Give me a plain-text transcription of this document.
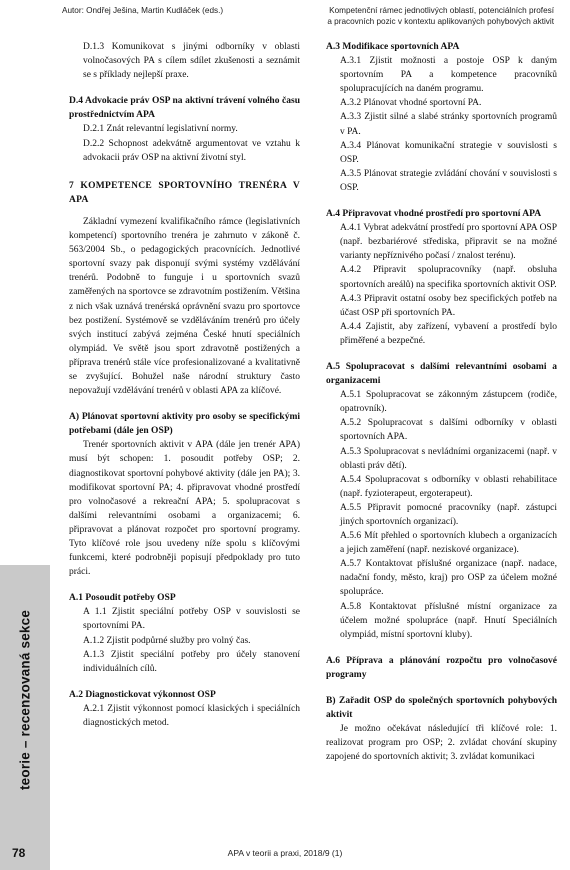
Autor: Ondřej Ješina, Martin Kudláček (eds.)	Kompetenční rámec jednotlivých oblastí, potenciálních profesí
a pracovních pozic v kontextu aplikovaných pohybových aktivit
teorie – recenzovaná sekce

D.1.3 Komunikovat s jinými odborníky v oblasti volnočasových PA s cílem sdílet zkušenosti a seznámit se s příklady nejlepší praxe.

D.4 Advokacie práv OSP na aktivní trávení volného času prostřednictvím APA

D.2.1 Znát relevantní legislativní normy.

D.2.2 Schopnost adekvátně argumentovat ve vztahu k advokacii práv OSP na aktivní životní styl.

7 KOMPETENCE SPORTOVNÍHO TRENÉRA V APA

Základní vymezení kvalifikačního rámce (legislativních kompetencí) sportovního trenéra je zahrnuto v zákoně č. 563/2004 Sb., o pedagogických pracovnících. Jednotlivé sportovní svazy pak disponují svými systémy vzdělávání trenérů. Podobně to funguje i u sportovních svazů zaměřených na sportovce se zdravotním postižením. Většina z nich však uznává trenérská oprávnění svazu pro sportovce bez postižení. Systémově se vzděláváním trenérů pro účely svých institucí zabývá zejména České hnutí speciálních olympiád. Ve světě jsou sport zdravotně postižených a příprava trenérů stále více profesionalizované a kvalitativně se zvyšující. Bohužel naše národní struktury často nepovažují vzdělávání trenérů v oblasti APA za klíčové.

A) Plánovat sportovní aktivity pro osoby se specifickými potřebami (dále jen OSP)

Trenér sportovních aktivit v APA (dále jen trenér APA) musí být schopen: 1. posoudit potřeby OSP; 2. diagnostikovat sportovní pohybové aktivity (dále jen PA); 3. modifikovat sportovní PA; 4. připravovat vhodné prostředí pro volnočasové a rekreační APA; 5. spolupracovat s dalšími relevantními osobami a organizacemi; 6. připravovat a plánovat rozpočet pro sportovní programy. Tyto klíčové role jsou uvedeny níže spolu s klíčovými funkcemi, které podrobněji popisují předpoklady pro tuto práci.

A.1 Posoudit potřeby OSP

A 1.1 Zjistit speciální potřeby OSP v souvislosti se sportovními PA.

A.1.2 Zjistit podpůrné služby pro volný čas.

A.1.3 Zjistit speciální potřeby pro účely stanovení individuálních cílů.

A.2 Diagnostickovat výkonnost OSP

A.2.1 Zjistit výkonnost pomocí klasických i speciálních diagnostických metod.

A.3 Modifikace sportovních APA

A.3.1 Zjistit možnosti a postoje OSP k daným sportovním PA a kompetence pracovníků spolupracujících na daném programu.

A.3.2 Plánovat vhodné sportovní PA.

A.3.3 Zjistit silné a slabé stránky sportovních programů v PA.

A.3.4 Plánovat komunikační strategie v souvislosti s OSP.

A.3.5 Plánovat strategie zvládání chování v souvislosti s OSP.

A.4 Připravovat vhodné prostředí pro sportovní APA

A.4.1 Vybrat adekvátní prostředí pro sportovní APA OSP (např. bezbariérové střediska, připravit se na možné varianty nepříznivého počasí / znalost terénu).

A.4.2 Připravit spolupracovníky (např. obsluha sportovních areálů) na specifika sportovních aktivit OSP.

A.4.3 Připravit ostatní osoby bez specifických potřeb na účast OSP při sportovních PA.

A.4.4 Zajistit, aby zařízení, vybavení a prostředí bylo přiměřené a bezpečné.

A.5 Spolupracovat s dalšími relevantními osobami a organizacemi

A.5.1 Spolupracovat se zákonným zástupcem (rodiče, opatrovník).

A.5.2 Spolupracovat s dalšími odborníky v oblasti sportovních APA.

A.5.3 Spolupracovat s nevládními organizacemi (např. v oblasti práv dětí).

A.5.4 Spolupracovat s odborníky v oblasti rehabilitace (např. fyzioterapeut, ergoterapeut).

A.5.5 Připravit pomocné pracovníky (např. zástupci jiných sportovních organizací).

A.5.6 Mít přehled o sportovních klubech a organizacích a jejich zaměření (např. neziskové organizace).

A.5.7 Kontaktovat příslušné organizace (např. nadace, nadační fondy, město, kraj) pro OSP za účelem možné spolupráce.

A.5.8 Kontaktovat příslušné místní organizace za účelem možné spolupráce (např. Hnutí Speciálních olympiád, místní sportovní kluby).

A.6 Příprava a plánování rozpočtu pro volnočasové programy

B) Zařadit OSP do společných sportovních pohybových aktivit

Je možno očekávat následující tři klíčové role: 1. realizovat program pro OSP; 2. zvládat chování skupiny zapojené do sportovních aktivit; 3. zvládat komunikaci

78	APA v teorii a praxi, 2018/9 (1)
